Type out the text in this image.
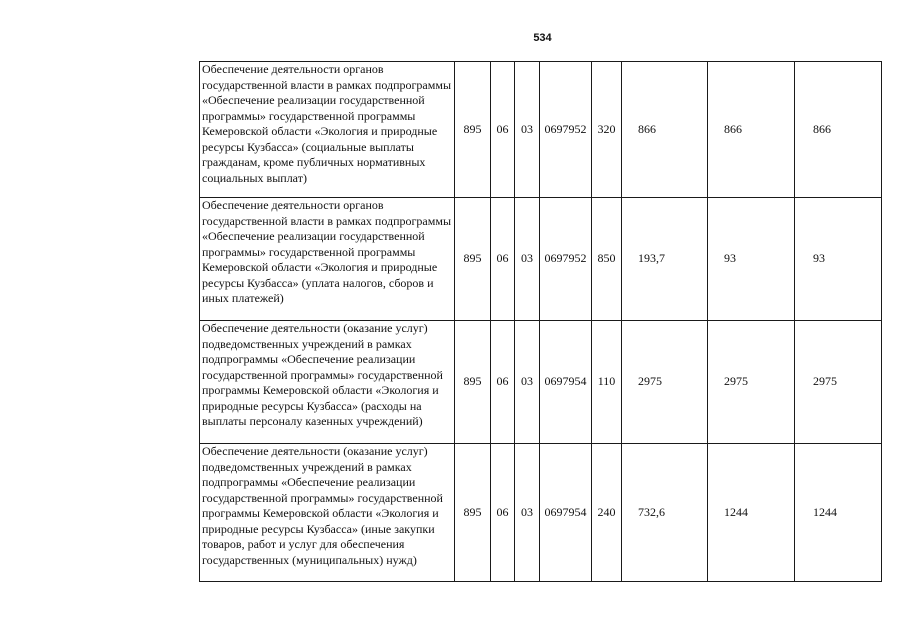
534
Обеспечение деятельности органов государственной власти в рамках подпрограммы «Обеспечение реализации государственной программы» государственной программы Кемеровской области «Экология и природные ресурсы Кузбасса» (социальные выплаты гражданам, кроме публичных нормативных социальных выплат)	895	06	03	0697952	320	866	866	866
Обеспечение деятельности органов государственной власти в рамках подпрограммы «Обеспечение реализации государственной программы» государственной программы Кемеровской области «Экология и природные ресурсы Кузбасса» (уплата налогов, сборов и иных платежей)	895	06	03	0697952	850	193,7	93	93
Обеспечение деятельности (оказание услуг) подведомственных учреждений в рамках подпрограммы «Обеспечение реализации государственной программы» государственной программы Кемеровской области «Экология и природные ресурсы Кузбасса» (расходы на выплаты персоналу казенных учреждений)	895	06	03	0697954	110	2975	2975	2975
Обеспечение деятельности (оказание услуг) подведомственных учреждений в рамках подпрограммы «Обеспечение реализации государственной программы» государственной программы Кемеровской области «Экология и природные ресурсы Кузбасса» (иные закупки товаров, работ и услуг для обеспечения государственных (муниципальных) нужд)	895	06	03	0697954	240	732,6	1244	1244
